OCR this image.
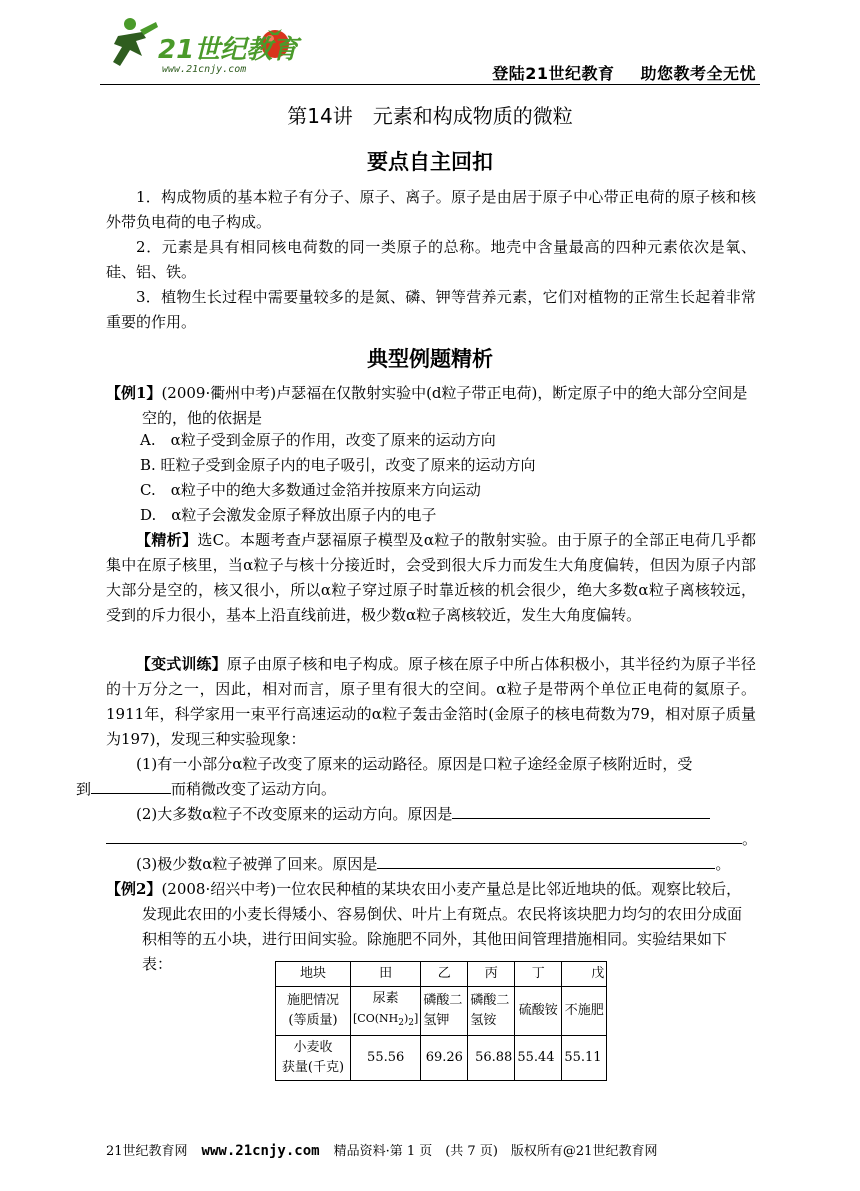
21世纪教育
www.21cnjy.com	登陆21世纪教育 助您教考全无忧
第14讲　元素和构成物质的微粒
要点自主回扣
1．构成物质的基本粒子有分子、原子、离子。原子是由居于原子中心带正电荷的原子核和核外带负电荷的电子构成。
2．元素是具有相同核电荷数的同一类原子的总称。地壳中含量最高的四种元素依次是氧、硅、铝、铁。
3．植物生长过程中需要量较多的是氮、磷、钾等营养元素，它们对植物的正常生长起着非常重要的作用。
典型例题精析
【例1】(2009·衢州中考)卢瑟福在仅散射实验中(d粒子带正电荷)，断定原子中的绝大部分空间是空的，他的依据是
A.　α粒子受到金原子的作用，改变了原来的运动方向
B. 旺粒子受到金原子内的电子吸引，改变了原来的运动方向
C.　α粒子中的绝大多数通过金箔并按原来方向运动
D.　α粒子会激发金原子释放出原子内的电子
【精析】选C。本题考查卢瑟福原子模型及α粒子的散射实验。由于原子的全部正电荷几乎都集中在原子核里，当α粒子与核十分接近时，会受到很大斥力而发生大角度偏转，但因为原子内部大部分是空的，核又很小，所以α粒子穿过原子时靠近核的机会很少，绝大多数α粒子离核较远，受到的斥力很小，基本上沿直线前进，极少数α粒子离核较近，发生大角度偏转。
【变式训练】原子由原子核和电子构成。原子核在原子中所占体积极小，其半径约为原子半径的十万分之一，因此，相对而言，原子里有很大的空间。α粒子是带两个单位正电荷的氦原子。1911年，科学家用一束平行高速运动的α粒子轰击金箔时(金原子的核电荷数为79，相对原子质量为197)，发现三种实验现象：
(1)有一小部分α粒子改变了原来的运动路径。原因是口粒子途经金原子核附近时，受
到	而稍微改变了运动方向。
(2)大多数α粒子不改变原来的运动方向。原因是
。
(3)极少数α粒子被弹了回来。原因是	。
【例2】(2008·绍兴中考)一位农民种植的某块农田小麦产量总是比邻近地块的低。观察比较后，发现此农田的小麦长得矮小、容易倒伏、叶片上有斑点。农民将该块肥力均匀的农田分成面积相等的五小块，进行田间实验。除施肥不同外，其他田间管理措施相同。实验结果如下表：
地块	田	乙	丙	丁	戊
施肥情况
(等质量)	尿素
$[CO(NH_2)_2]$	磷酸二氢钾	磷酸二氢铵	硫酸铵	不施肥
小麦收
获量(千克)	55.56	69.26	56.88	55.44	55.11
21世纪教育网 www.21cnjy.com 精品资料·第 1 页　(共 7 页)　版权所有@21世纪教育网
